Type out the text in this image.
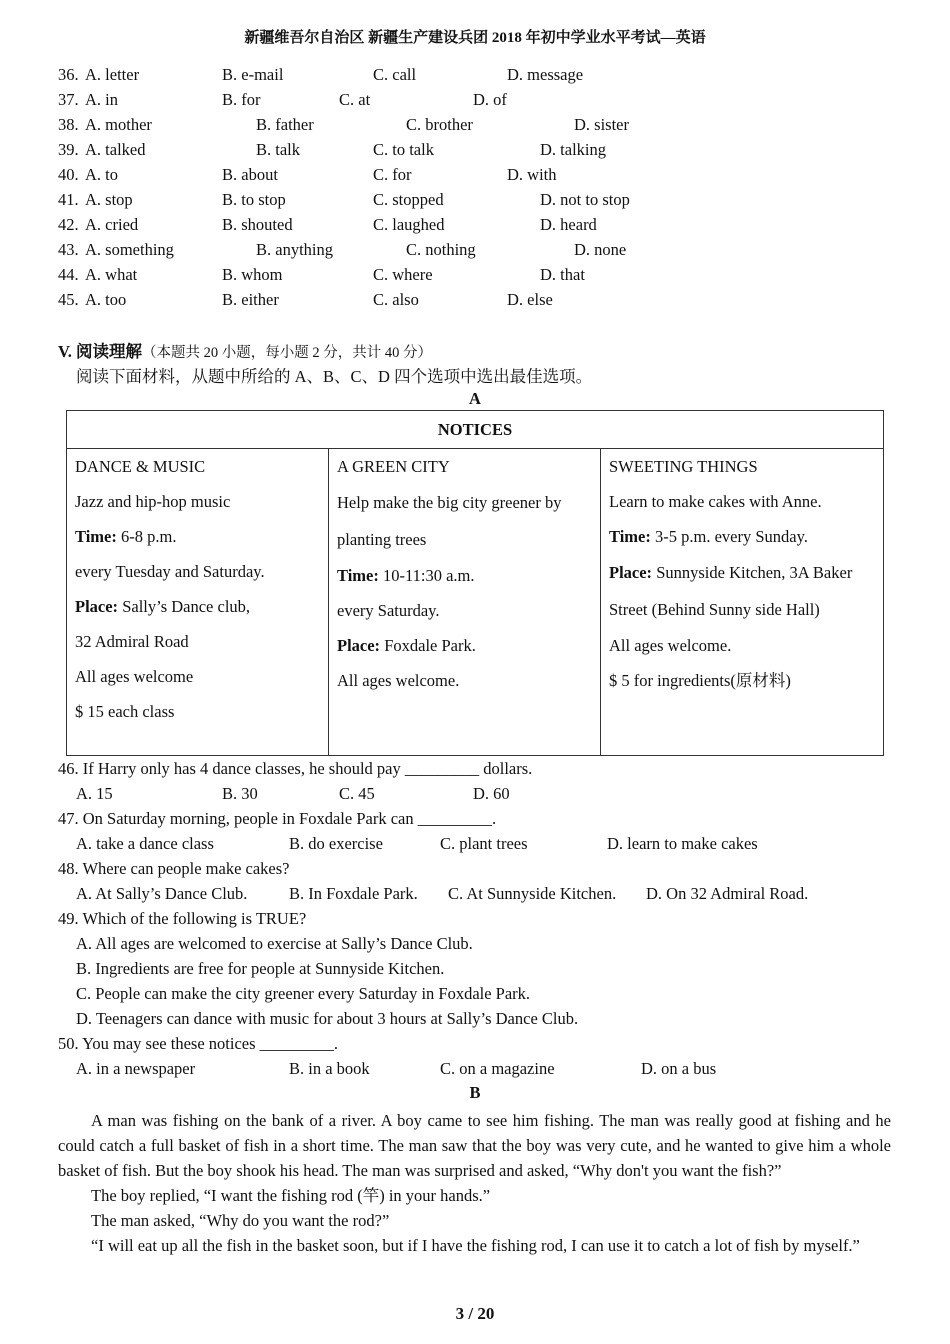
新疆维吾尔自治区 新疆生产建设兵团 2018 年初中学业水平考试—英语
36. A. letter	B. e-mail	C. call	D. message
37. A. in	B. for	C. at	D. of
38. A. mother	B. father	C. brother	D. sister
39. A. talked	B. talk	C. to talk	D. talking
40. A. to	B. about	C. for	D. with
41. A. stop	B. to stop	C. stopped	D. not to stop
42. A. cried	B. shouted	C. laughed	D. heard
43. A. something	B. anything	C. nothing	D. none
44. A. what	B. whom	C. where	D. that
45. A. too	B. either	C. also	D. else
V. 阅读理解（本题共 20 小题，每小题 2 分，共计 40 分）
阅读下面材料，从题中所给的 A、B、C、D 四个选项中选出最佳选项。
A
NOTICES

DANCE & MUSIC

Jazz and hip-hop music

Time: 6-8 p.m.

every Tuesday and Saturday.

Place: Sally’s Dance club,

32 Admiral Road

All ages welcome

$ 15 each class

A GREEN CITY

Help make the big city greener by planting trees

Time: 10-11:30 a.m.

every Saturday.

Place: Foxdale Park.

All ages welcome.

SWEETING THINGS

Learn to make cakes with Anne.

Time: 3-5 p.m. every Sunday.

Place: Sunnyside Kitchen, 3A Baker Street (Behind Sunny side Hall)

All ages welcome.

$ 5 for ingredients(原材料)

46. If Harry only has 4 dance classes, he should pay _________ dollars.
A. 15	B. 30	C. 45	D. 60
47. On Saturday morning, people in Foxdale Park can _________.
A. take a dance class	B. do exercise	C. plant trees	D. learn to make cakes
48. Where can people make cakes?
A. At Sally’s Dance Club.	B. In Foxdale Park. C. At Sunnyside Kitchen. D. On 32 Admiral Road.
49. Which of the following is TRUE?
A. All ages are welcomed to exercise at Sally’s Dance Club.
B. Ingredients are free for people at Sunnyside Kitchen.
C. People can make the city greener every Saturday in Foxdale Park.
D. Teenagers can dance with music for about 3 hours at Sally’s Dance Club.
50. You may see these notices _________.
A. in a newspaper	B. in a book	C. on a magazine	D. on a bus
B
A man was fishing on the bank of a river. A boy came to see him fishing. The man was really good at fishing and he could catch a full basket of fish in a short time. The man saw that the boy was very cute, and he wanted to give him a whole basket of fish. But the boy shook his head. The man was surprised and asked, “Why don't you want the fish?”
The boy replied, “I want the fishing rod (竿) in your hands.”
The man asked, “Why do you want the rod?”
“I will eat up all the fish in the basket soon, but if I have the fishing rod, I can use it to catch a lot of fish by myself.”
3 / 20
